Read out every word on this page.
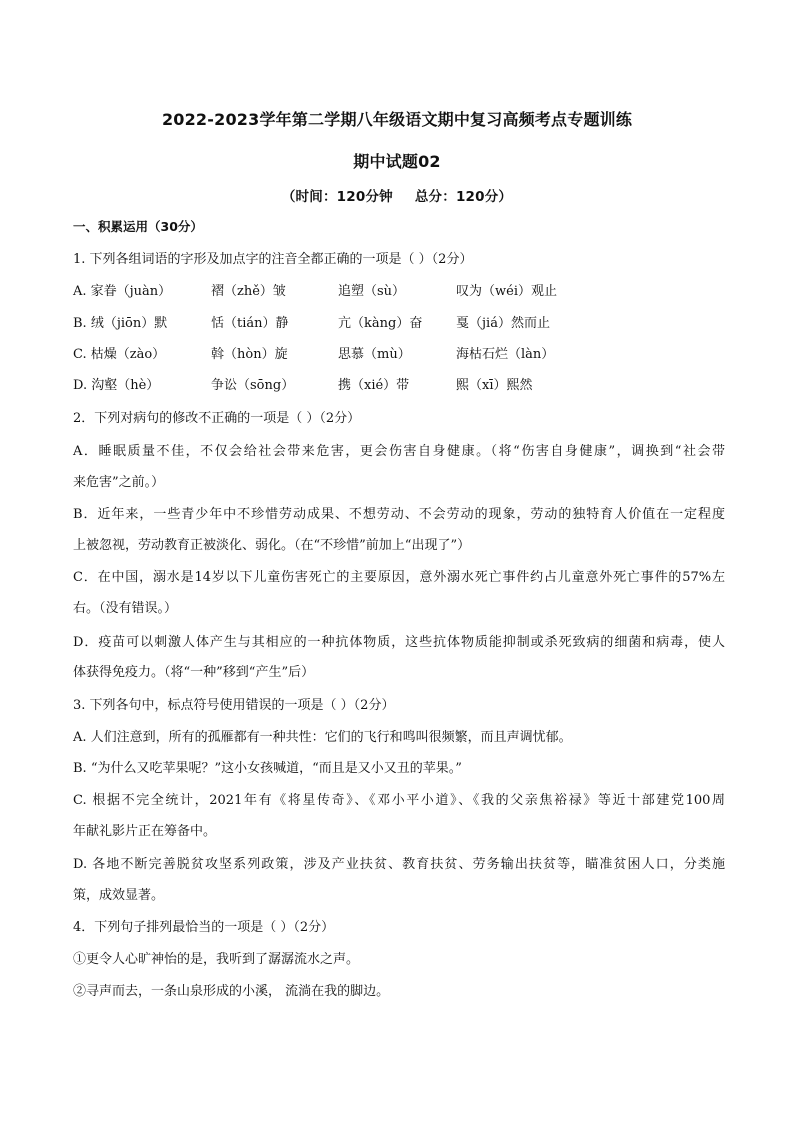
2022-2023学年第二学期八年级语文期中复习高频考点专题训练
期中试题02
（时间：120分钟 总分：120分）
一、积累运用（30分）
1. 下列各组词语的字形及加点字的注音全都正确的一项是（ ）（2分）
A. 家眷（juàn）	褶（zhě）皱	追塑（sù）	叹为（wéi）观止
B. 绒（jiōn）默	恬（tián）静	亢（kàng）奋	戛（jiá）然而止
C. 枯燥（zào）	斡（hòn）旋	思慕（mù）	海枯石烂（làn）
D. 沟壑（hè）	争讼（sōng）	携（xié）带	熙（xī）熙然
2．下列对病句的修改不正确的一项是（ ）（2分）
A．睡眠质量不佳，不仅会给社会带来危害，更会伤害自身健康。（将“伤害自身健康”，调换到“社会带
来危害”之前。）
B．近年来，一些青少年中不珍惜劳动成果、不想劳动、不会劳动的现象，劳动的独特育人价值在一定程度
上被忽视，劳动教育正被淡化、弱化。（在“不珍惜”前加上“出现了”）
C．在中国，溺水是14岁以下儿童伤害死亡的主要原因，意外溺水死亡事件约占儿童意外死亡事件的57%左
右。（没有错误。）
D．疫苗可以刺激人体产生与其相应的一种抗体物质，这些抗体物质能抑制或杀死致病的细菌和病毒，使人
体获得免疫力。（将“一种”移到“产生”后）
3. 下列各句中，标点符号使用错误的一项是（ ）（2分）
A. 人们注意到，所有的孤雁都有一种共性：它们的飞行和鸣叫很频繁，而且声调忧郁。
B. “为什么又吃苹果呢？”这小女孩喊道，“而且是又小又丑的苹果。”
C. 根据不完全统计，2021年有《将星传奇》、《邓小平小道》、《我的父亲焦裕禄》等近十部建党100周
年献礼影片正在筹备中。
D. 各地不断完善脱贫攻坚系列政策，涉及产业扶贫、教育扶贫、劳务输出扶贫等，瞄准贫困人口，分类施
策，成效显著。
4．下列句子排列最恰当的一项是（ ）（2分）
①更令人心旷神怡的是，我听到了潺潺流水之声。
②寻声而去，一条山泉形成的小溪， 流淌在我的脚边。
